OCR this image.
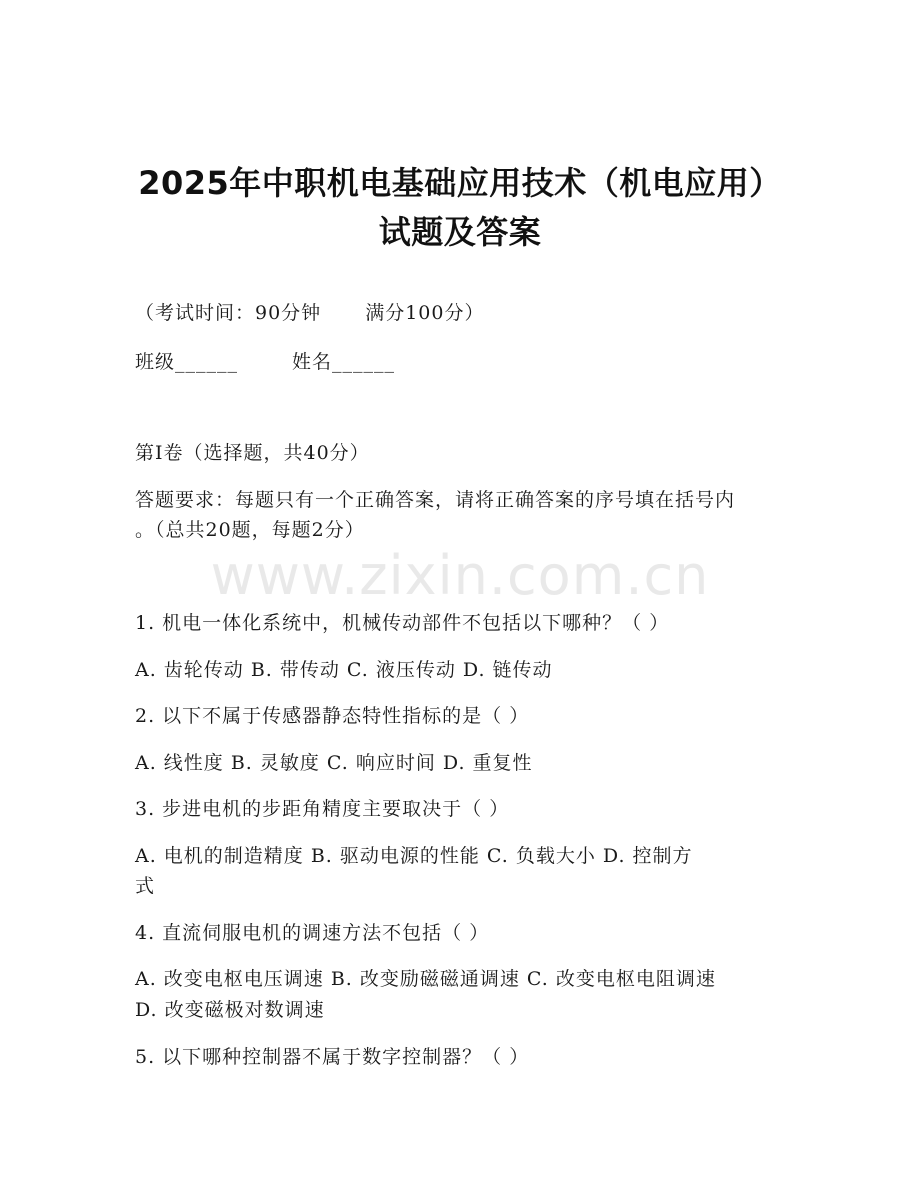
2025年中职机电基础应用技术（机电应用）
试题及答案
（考试时间：90分钟 满分100分）
班级______	姓名______
第I卷（选择题，共40分）
答题要求：每题只有一个正确答案，请将正确答案的序号填在括号内
。（总共20题，每题2分）
www.zixin.com.cn
1. 机电一体化系统中，机械传动部件不包括以下哪种？（ ）
A. 齿轮传动 B. 带传动 C. 液压传动 D. 链传动
2. 以下不属于传感器静态特性指标的是（ ）
A. 线性度 B. 灵敏度 C. 响应时间 D. 重复性
3. 步进电机的步距角精度主要取决于（ ）
A. 电机的制造精度 B. 驱动电源的性能 C. 负载大小 D. 控制方
式
4. 直流伺服电机的调速方法不包括（ ）
A. 改变电枢电压调速 B. 改变励磁磁通调速 C. 改变电枢电阻调速
D. 改变磁极对数调速
5. 以下哪种控制器不属于数字控制器？（ ）
